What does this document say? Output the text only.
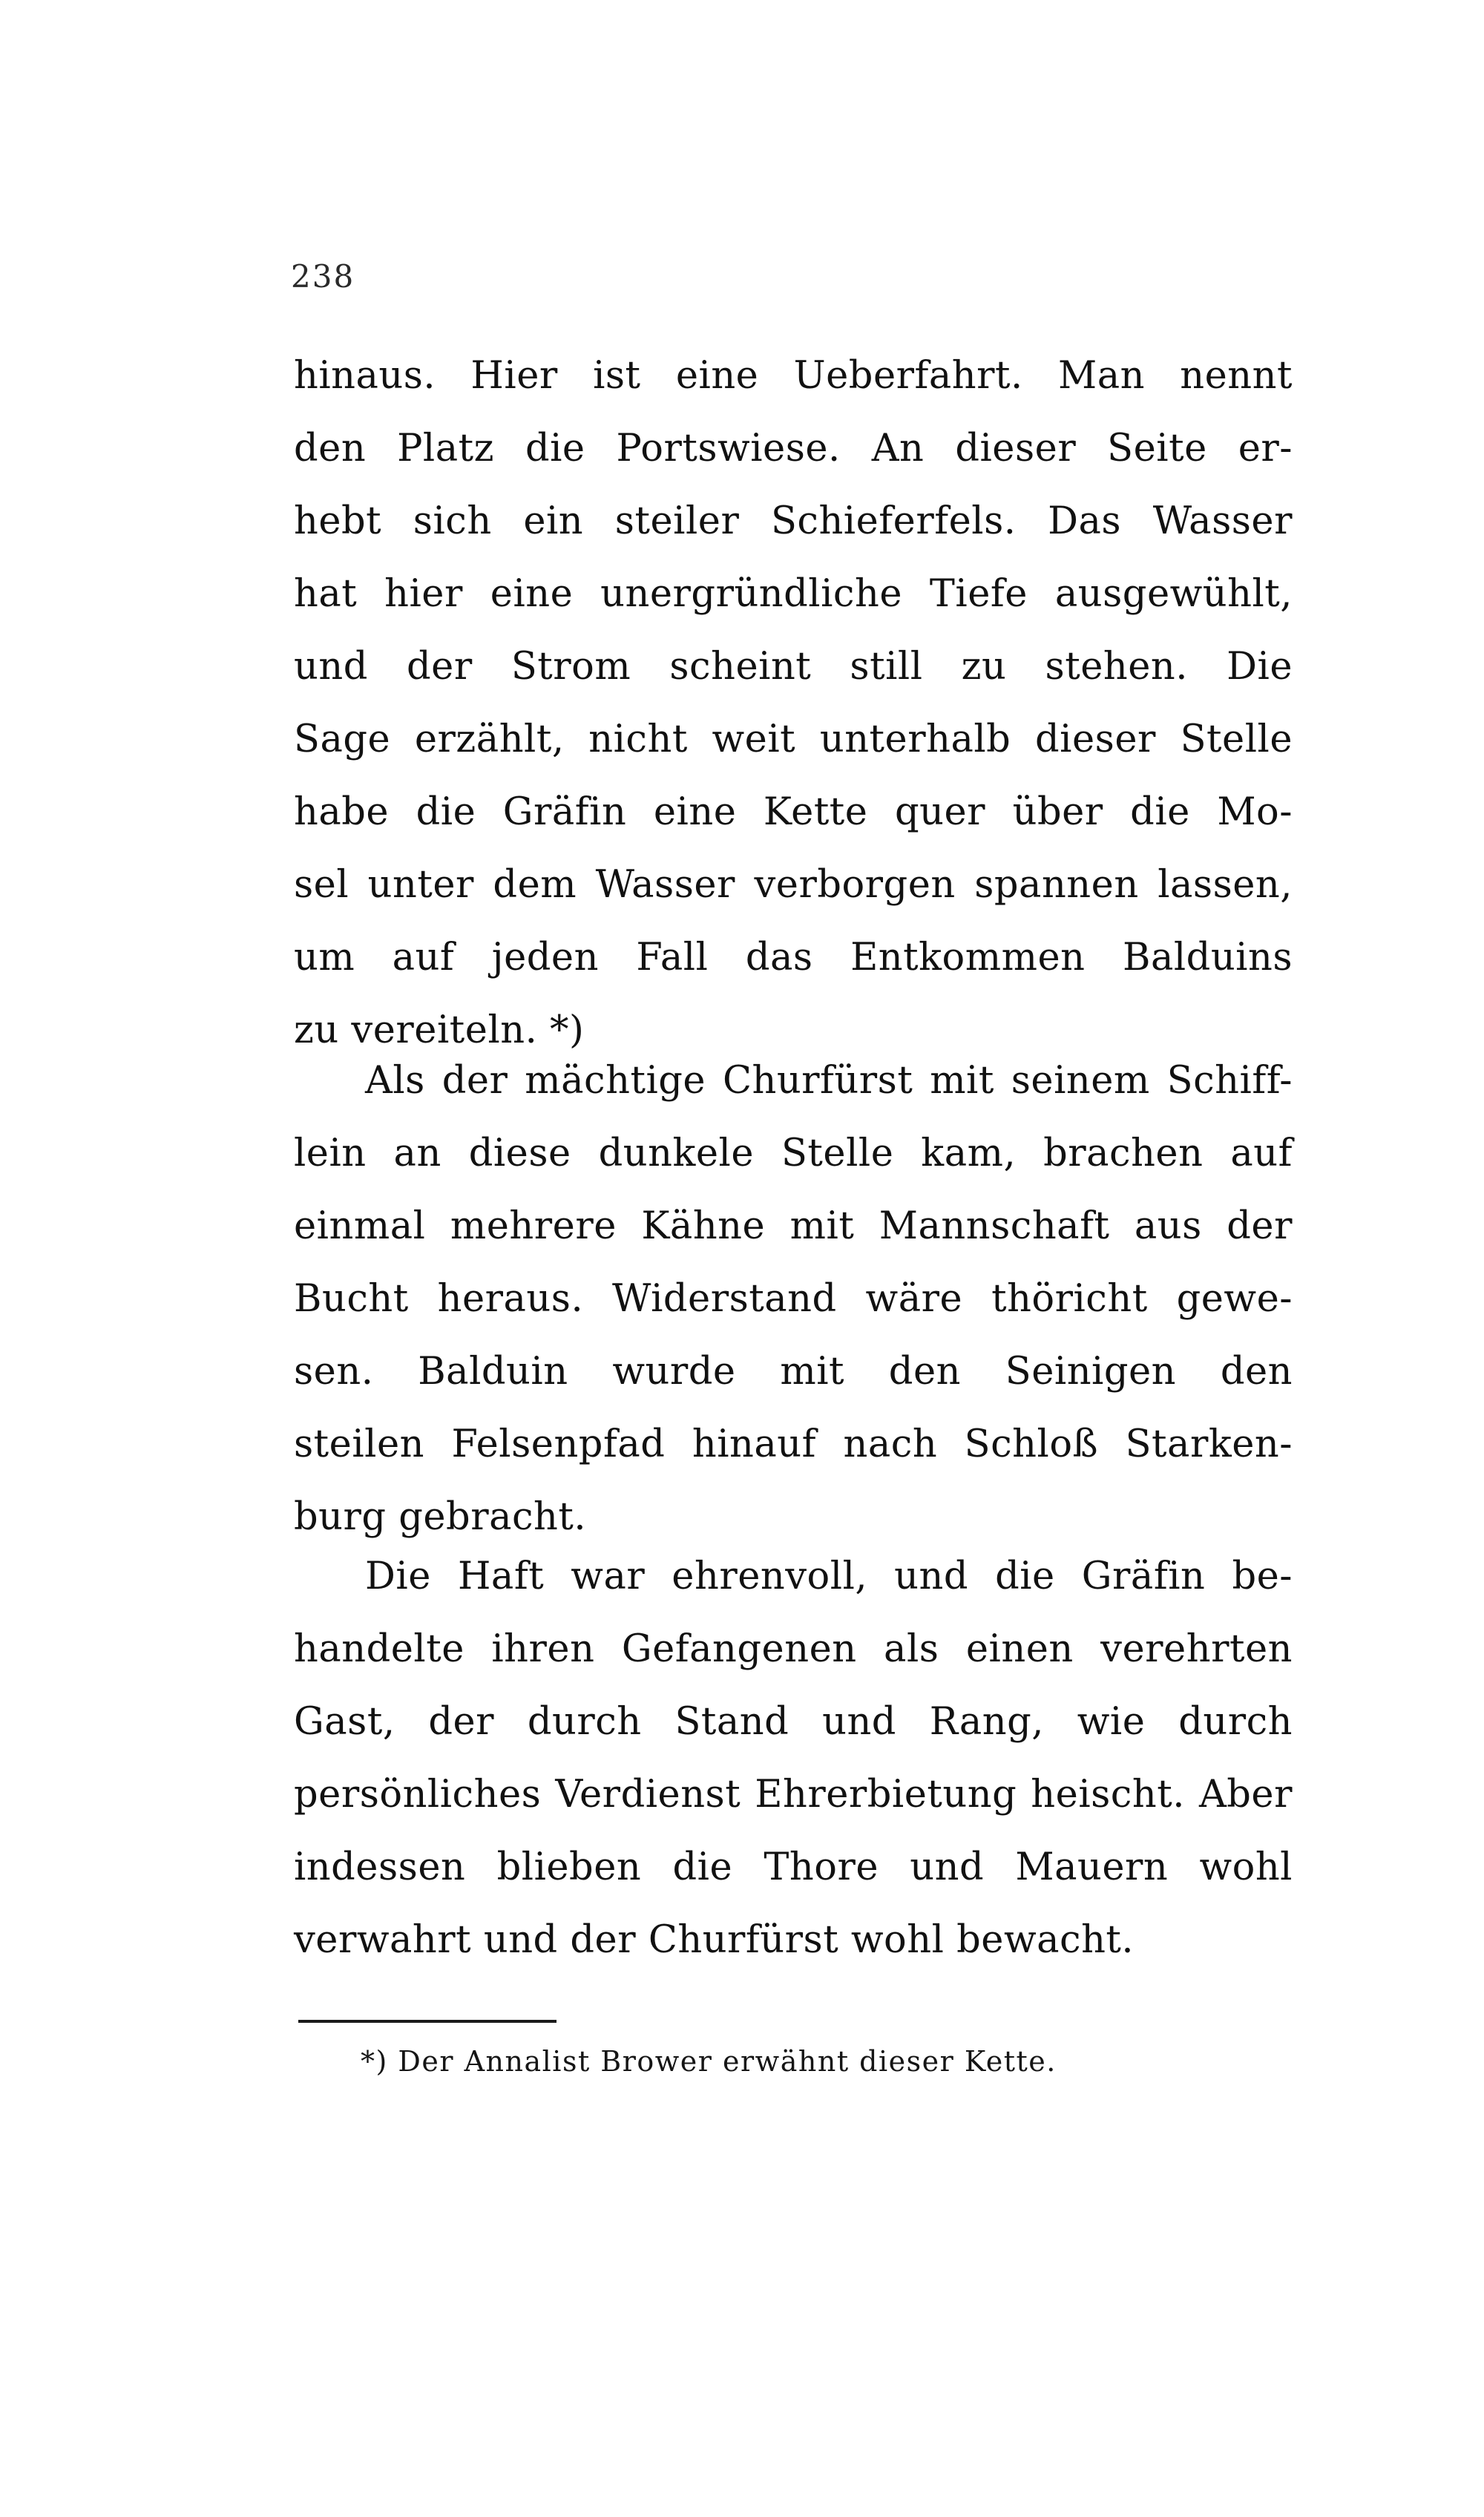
238
hinaus. Hier ist eine Ueberfahrt. Man nennt
den Platz die Portswiese. An dieser Seite er-
hebt sich ein steiler Schieferfels. Das Wasser
hat hier eine unergründliche Tiefe ausgewühlt,
und der Strom scheint still zu stehen. Die
Sage erzählt, nicht weit unterhalb dieser Stelle
habe die Gräfin eine Kette quer über die Mo-
sel unter dem Wasser verborgen spannen lassen,
um auf jeden Fall das Entkommen Balduins
zu vereiteln. *)
Als der mächtige Churfürst mit seinem Schiff-
lein an diese dunkele Stelle kam, brachen auf
einmal mehrere Kähne mit Mannschaft aus der
Bucht heraus. Widerstand wäre thöricht gewe-
sen. Balduin wurde mit den Seinigen den
steilen Felsenpfad hinauf nach Schloß Starken-
burg gebracht.
Die Haft war ehrenvoll, und die Gräfin be-
handelte ihren Gefangenen als einen verehrten
Gast, der durch Stand und Rang, wie durch
persönliches Verdienst Ehrerbietung heischt. Aber
indessen blieben die Thore und Mauern wohl
verwahrt und der Churfürst wohl bewacht.
*) Der Annalist Brower erwähnt dieser Kette.
